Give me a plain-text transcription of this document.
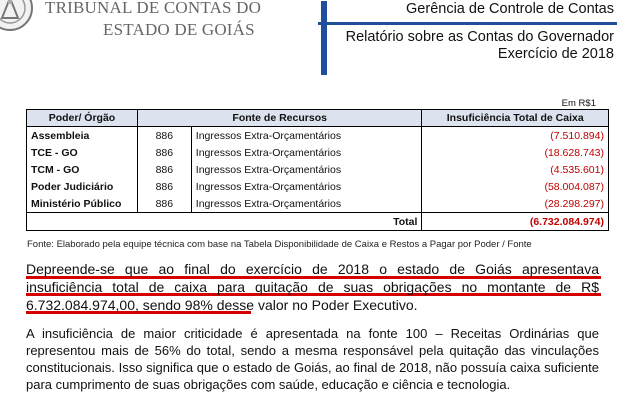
TRIBUNAL DE CONTAS DO
ESTADO DE GOIÁS
Gerência de Controle de Contas
Relatório sobre as Contas do Governador
Exercício de 2018
Em R$1
Poder/ Órgão	Fonte de Recursos		Insuficiência Total de Caixa
Assembleia	886	Ingressos Extra-Orçamentários	(7.510.894)
TCE - GO	886	Ingressos Extra-Orçamentários	(18.628.743)
TCM - GO	886	Ingressos Extra-Orçamentários	(4.535.601)
Poder Judiciário	886	Ingressos Extra-Orçamentários	(58.004.087)
Ministério Público	886	Ingressos Extra-Orçamentários	(28.298.297)
Total			(6.732.084.974)
Fonte: Elaborado pela equipe técnica com base na Tabela Disponibilidade de Caixa e Restos a Pagar por Poder / Fonte
Depreende-se que ao final do exercício de 2018 o estado de Goiás apresentava insuficiência total de caixa para quitação de suas obrigações no montante de R$ 6.732.084.974,00, sendo 98% desse valor no Poder Executivo.
A insuficiência de maior criticidade é apresentada na fonte 100 – Receitas Ordinárias que representou mais de 56% do total, sendo a mesma responsável pela quitação das vinculações constitucionais. Isso significa que o estado de Goiás, ao final de 2018, não possuía caixa suficiente para cumprimento de suas obrigações com saúde, educação e ciência e tecnologia.
